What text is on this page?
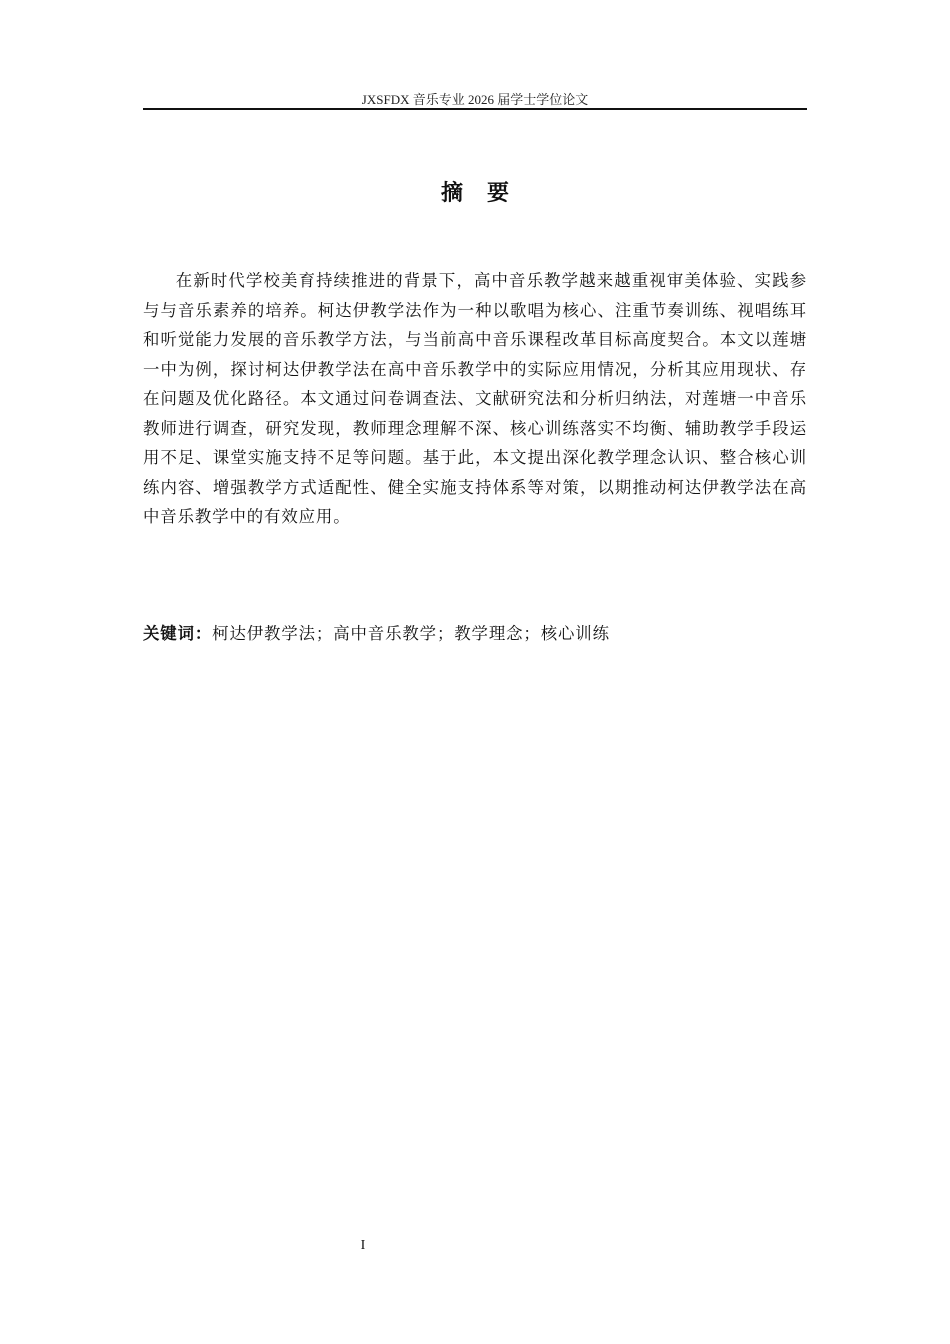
JXSFDX 音乐专业 2026 届学士学位论文
摘要

在新时代学校美育持续推进的背景下，高中音乐教学越来越重视审美体验、实践参与与音乐素养的培养。柯达伊教学法作为一种以歌唱为核心、注重节奏训练、视唱练耳和听觉能力发展的音乐教学方法，与当前高中音乐课程改革目标高度契合。本文以莲塘一中为例，探讨柯达伊教学法在高中音乐教学中的实际应用情况，分析其应用现状、存在问题及优化路径。本文通过问卷调查法、文献研究法和分析归纳法，对莲塘一中音乐教师进行调查，研究发现，教师理念理解不深、核心训练落实不均衡、辅助教学手段运用不足、课堂实施支持不足等问题。基于此，本文提出深化教学理念认识、整合核心训练内容、增强教学方式适配性、健全实施支持体系等对策，以期推动柯达伊教学法在高中音乐教学中的有效应用。

关键词：柯达伊教学法；高中音乐教学；教学理念；核心训练
I
